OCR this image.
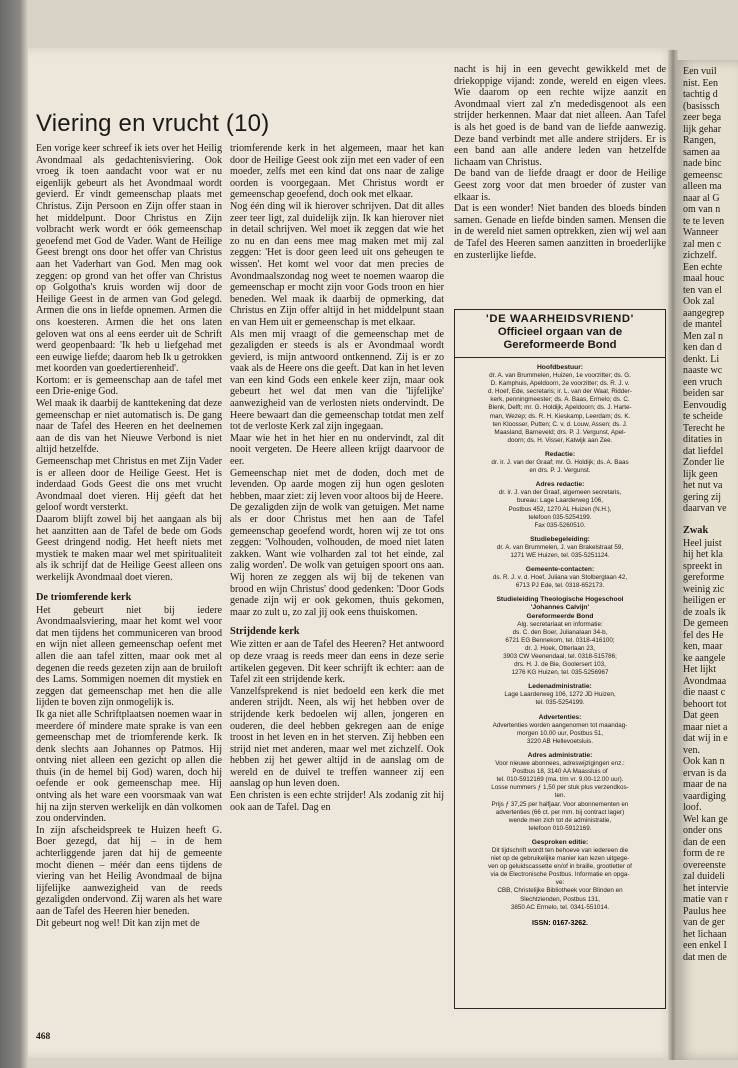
Viering en vrucht (10)

Een vorige keer schreef ik iets over het Heilig Avondmaal als gedachtenisviering. Ook vroeg ik toen aandacht voor wat er nu eigenlijk gebeurt als het Avondmaal wordt gevierd. Er vindt gemeenschap plaats met Christus. Zijn Persoon en Zijn offer staan in het middelpunt. Door Christus en Zijn volbracht werk wordt er óók gemeenschap geoefend met God de Vader. Want de Heilige Geest brengt ons door het offer van Christus aan het Vaderhart van God. Men mag ook zeggen: op grond van het offer van Christus op Golgotha's kruis worden wij door de Heilige Geest in de armen van God gelegd. Armen die ons in liefde opnemen. Armen die ons koesteren. Armen die het ons laten geloven wat ons al eens eerder uit de Schrift werd geopenbaard: 'Ik heb u liefgehad met een euwige liefde; daarom heb Ik u getrokken met koorden van goedertierenheid'.

Kortom: er is gemeenschap aan de tafel met een Drie-enige God.

Wel maak ik daarbij de kanttekening dat deze gemeenschap er niet automatisch is. De gang naar de Tafel des Heeren en het deelnemen aan de dis van het Nieuwe Verbond is niet altijd hetzelfde.

Gemeenschap met Christus en met Zijn Vader is er alleen door de Heilige Geest. Het is inderdaad Gods Geest die ons met vrucht Avondmaal doet vieren. Hij géeft dat het geloof wordt versterkt.

Daarom blijft zowel bij het aangaan als bij het aanzitten aan de Tafel de bede om Gods Geest dringend nodig. Het heeft niets met mystiek te maken maar wel met spiritualiteit als ik schrijf dat de Heilige Geest alleen ons werkelijk Avondmaal doet vieren.

De triomferende kerk

Het gebeurt niet bij iedere Avondmaalsviering, maar het komt wel voor dat men tijdens het communiceren van brood en wijn niet alleen gemeenschap oefent met allen die aan tafel zitten, maar ook met al degenen die reeds gezeten zijn aan de bruiloft des Lams. Sommigen noemen dit mystiek en zeggen dat gemeenschap met hen die alle lijden te boven zijn onmogelijk is.

Ik ga niet alle Schriftplaatsen noemen waar in meerdere óf mindere mate sprake is van een gemeenschap met de triomferende kerk. Ik denk slechts aan Johannes op Patmos. Hij ontving niet alleen een gezicht op allen die thuis (in de hemel bij God) waren, doch hij oefende er ook gemeenschap mee. Hij ontving als het ware een voorsmaak van wat hij na zijn sterven werkelijk en dàn volkomen zou ondervinden.

In zijn afscheidspreek te Huizen heeft G. Boer gezegd, dat hij – in de hem achterliggende jaren dat hij de gemeente mocht dienen – méér dan eens tijdens de viering van het Heilig Avondmaal de bijna lijfelijke aanwezigheid van de reeds gezaligden ondervond. Zij waren als het ware aan de Tafel des Heeren hier beneden.

Dit gebeurt nog wel! Dit kan zijn met de

triomferende kerk in het algemeen, maar het kan door de Heilige Geest ook zijn met een vader of een moeder, zelfs met een kind dat ons naar de zalige oorden is voorgegaan. Met Christus wordt er gemeenschap geoefend, doch ook met elkaar.

Nog één ding wil ik hierover schrijven. Dat dit alles zeer teer ligt, zal duidelijk zijn. Ik kan hierover niet in detail schrijven. Wel moet ik zeggen dat wie het zo nu en dan eens mee mag maken met mij zal zeggen: 'Het is door geen leed uit ons geheugen te wissen'. Het komt wel voor dat men precies de Avondmaalszondag nog weet te noemen waarop die gemeenschap er mocht zijn voor Gods troon en hier beneden. Wel maak ik daarbij de opmerking, dat Christus en Zijn offer altijd in het middelpunt staan en van Hem uit er gemeenschap is met elkaar.

Als men mij vraagt of die gemeenschap met de gezaligden er steeds is als er Avondmaal wordt gevierd, is mijn antwoord ontkennend. Zij is er zo vaak als de Heere ons die geeft. Dat kan in het leven van een kind Gods een enkele keer zijn, maar ook gebeurt het wel dat men van die 'lijfelijke' aanwezigheid van de verlosten niets ondervindt. De Heere bewaart dan die gemeenschap totdat men zelf tot de verloste Kerk zal zijn ingegaan.

Maar wie het in het hier en nu ondervindt, zal dit nooit vergeten. De Heere alleen krijgt daarvoor de eer.

Gemeenschap niet met de doden, doch met de levenden. Op aarde mogen zij hun ogen gesloten hebben, maar ziet: zij leven voor altoos bij de Heere.

De gezaligden zijn de wolk van getuigen. Met name als er door Christus met hen aan de Tafel gemeenschap geoefend wordt, horen wij ze tot ons zeggen: 'Volhouden, volhouden, de moed niet laten zakken. Want wie volharden zal tot het einde, zal zalig worden'. De wolk van getuigen spoort ons aan. Wij horen ze zeggen als wij bij de tekenen van brood en wijn Christus' dood gedenken: 'Door Gods genade zijn wij er ook gekomen, thuis gekomen, maar zo zult u, zo zal jij ook eens thuiskomen.

Strijdende kerk

Wie zitten er aan de Tafel des Heeren? Het antwoord op deze vraag is reeds meer dan eens in deze serie artikelen gegeven. Dit keer schrijft ik echter: aan de Tafel zit een strijdende kerk.

Vanzelfsprekend is niet bedoeld een kerk die met anderen strijdt. Neen, als wij het hebben over de strijdende kerk bedoelen wij allen, jongeren en ouderen, die deel hebben gekregen aan de enige troost in het leven en in het sterven. Zij hebben een strijd niet met anderen, maar wel met zichzelf. Ook hebben zij het gewer altijd in de aanslag om de wereld en de duivel te treffen wanneer zij een aanslag op hun leven doen.

Een christen is een echte strijder! Als zodanig zit hij ook aan de Tafel. Dag en

nacht is hij in een gevecht gewikkeld met de driekoppige vijand: zonde, wereld en eigen vlees. Wie daarom op een rechte wijze aanzit en Avondmaal viert zal z'n mededisgenoot als een strijder herkennen. Maar dat niet alleen. Aan Tafel is als het goed is de band van de liefde aanwezig. Deze band verbindt met alle andere strijders. Er is een band aan alle andere leden van hetzelfde lichaam van Christus.

De band van de liefde draagt er door de Heilige Geest zorg voor dat men broeder óf zuster van elkaar is.

Dat is een wonder! Niet banden des bloeds binden samen. Genade en liefde binden samen. Mensen die in de wereld niet samen optrekken, zien wij wel aan de Tafel des Heeren samen aanzitten in broederlijke en zusterlijke liefde.

'DE WAARHEIDSVRIEND'
Officieel orgaan van de
Gereformeerde Bond
Hoofdbestuur:
dr. A. van Brummelen, Huizen, 1e voorzitter; ds. G.
D. Kamphuis, Apeldoorn, 2e voorzitter; ds. R. J. v.
d. Hoef, Ede, secretaris; ir. L. van der Waal, Ridder-
kerk, penningmeester; ds. A. Baas, Ermelo; ds. C.
Blenk, Delft; mr. G. Holdijk, Apeldoorn; ds. J. Harte-
man, Wezep; ds. R. H. Kieskamp, Leerdam; ds. K.
ten Kloosser, Putten; C. v. d. Louw, Assen; ds. J.
Maasland, Barneveld; drs. P. J. Vergunst, Apel-
doorn; ds. H. Visser, Katwijk aan Zee.
Redactie:
dr. ir. J. van der Graaf; mr. G. Holdijk; ds. A. Baas
en drs. P. J. Vergunst.
Adres redactie:
dr. ir. J. van der Graaf, algemeen secretaris,
bureau: Lage Laarderweg 106,
Postbus 452, 1270 AL Huizen (N.H.),
telefoon 035-5254199.
Fax 035-5260510.
Studiebegeleiding:
dr. A. van Brummelen, J. van Brakelstraat 59,
1271 WE Huizen, tel. 035-5251124.
Gemeente-contacten:
ds. R. J. v. d. Hoef, Juliana van Stolberglaan 42,
6713 PJ Ede, tel. 0318-652173.
Studieleiding Theologische Hogeschool
'Johannes Calvijn'
Gereformeerde Bond
Alg. secretariaat en informatie:
ds. C. den Boer, Julianalaan 34-b,
6721 EG Bennekom, tel. 0318-416100;
dr. J. Hoek, Otterlaan 23,
3903 CW Veenendaal, tel. 0318-515786;
drs. H. J. de Bie, Goolersert 103,
1276 KG Huizen, tel. 035-5256967
Ledenadministratie:
Lage Laarderweg 106, 1272 JD Huizen,
tel. 035-5254199.
Advertenties:
Advertenties worden aangenomen tot maandag-
morgen 10.00 uur, Postbus 51,
3220 AB Hellevoetsluis.
Adres administratie:
Voor nieuwe abonnees, adreswijzigingen enz.:
Postbus 18, 3140 AA Maassluis of
tel. 010-5912169 (ma. t/m vr. 9.00-12.00 uur).
Losse nummers ƒ 1,50 per stuk plus verzendkos-
ten.
Prijs ƒ 37,25 per halfjaar. Voor abonnementen en
advertenties (66 ct. per mm. bij contract lager)
wende men zich tot de administratie,
telefoon 010-5912169.
Gesproken editie:
Dit tijdschrift wordt ten behoeve van iedereen die
niet op de gebruikelijke manier kan lezen uitgege-
ven op geluidscassette en/of in braille, grootletter of
via de Electronische Postbus. Informatie en opga-
ve:
CBB, Christelijke Bibliotheek voor Blinden en
Slechtzienden, Postbus 131,
3850 AC Ermelo, tel. 0341-551014.
ISSN: 0167-3262.
Een vuil
nist. Een
tachtig d
(basissch
zeer bega
lijk gehar
Rangen,
samen aa
nade binc
gemeensc
alleen ma
naar al G
om van n
te te leven
Wanneer
zal men c
zichzelf.
Een echte
maal houc
ten van el
Ook zal
aangegrep
de mantel
Men zal n
ken dan d
denkt. Li
naaste wc
een vruch
beiden sar
Eenvoudig
te scheide
Terecht he
ditaties in
dat liefdel
Zonder lie
lijk geen
het nut va
gering zij
daarvan ve
Zwak
Heel juist
hij het kla
spreekt in
gereforme
weinig zic
heiligen er
de zoals ik
De gemeen
fel des He
ken, maar
ke aangele
Het lijkt
Avondmaa
die naast c
behoort tot
Dat geen
maar niet a
dat wij in e
ven.
Ook kan n
ervan is da
maar de na
vaardiging
loof.
Wel kan ge
onder ons
dan de een
form de re
overeenste
zal duideli
het intervie
matie van r
Paulus hee
van de ger
het lichaan
een enkel I
dat men de
468
